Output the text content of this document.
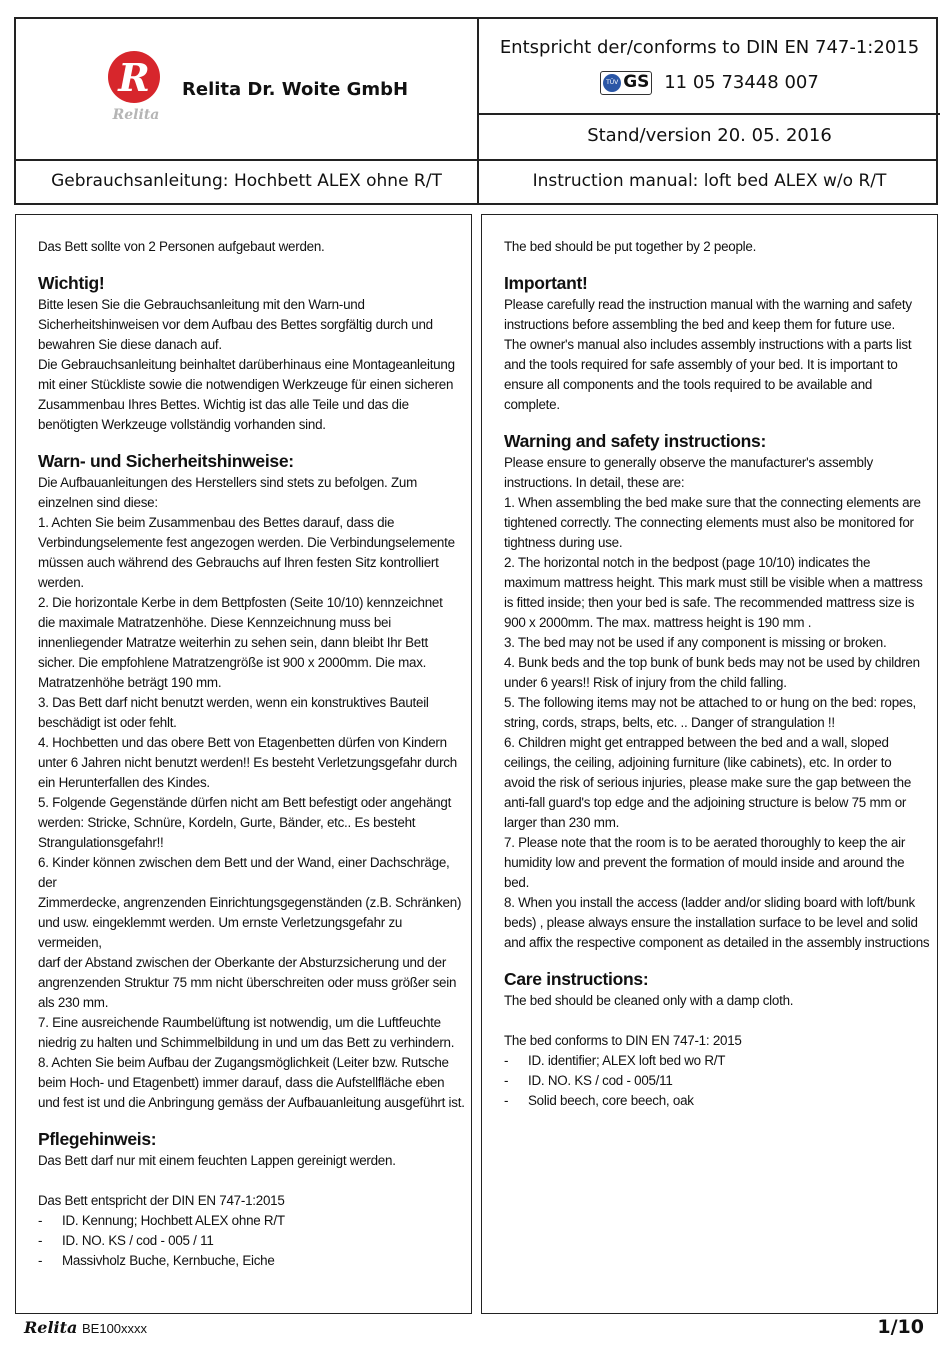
R
Relita
Relita Dr. Woite GmbH
Entspricht der/conforms to DIN EN 747-1:2015
TÜV GS 11 05 73448 007
Stand/version 20. 05. 2016
Gebrauchsanleitung: Hochbett ALEX ohne R/T	Instruction manual: loft bed ALEX w/o R/T

Das Bett sollte von 2 Personen aufgebaut werden.

Wichtig!

Bitte lesen Sie die Gebrauchsanleitung mit den Warn-und

Sicherheitshinweisen vor dem Aufbau des Bettes sorgfältig durch und

bewahren Sie diese danach auf.

Die Gebrauchsanleitung beinhaltet darüberhinaus eine Montageanleitung

mit einer Stückliste sowie die notwendigen Werkzeuge für einen sicheren

Zusammenbau Ihres Bettes. Wichtig ist das alle Teile und das die

benötigten Werkzeuge vollständig vorhanden sind.

Warn- und Sicherheitshinweise:

Die Aufbauanleitungen des Herstellers sind stets zu befolgen. Zum

einzelnen sind diese:

1. Achten Sie beim Zusammenbau des Bettes darauf, dass die

Verbindungselemente fest angezogen werden. Die Verbindungselemente

müssen auch während des Gebrauchs auf Ihren festen Sitz kontrolliert

werden.

2. Die horizontale Kerbe in dem Bettpfosten (Seite 10/10) kennzeichnet

die maximale Matratzenhöhe. Diese Kennzeichnung muss bei

innenliegender Matratze weiterhin zu sehen sein, dann bleibt Ihr Bett

sicher. Die empfohlene Matratzengröße ist 900 x 2000mm. Die max.

Matratzenhöhe beträgt 190 mm.

3. Das Bett darf nicht benutzt werden, wenn ein konstruktives Bauteil

beschädigt ist oder fehlt.

4. Hochbetten und das obere Bett von Etagenbetten dürfen von Kindern

unter 6 Jahren nicht benutzt werden!! Es besteht Verletzungsgefahr durch

ein Herunterfallen des Kindes.

5. Folgende Gegenstände dürfen nicht am Bett befestigt oder angehängt

werden: Stricke, Schnüre, Kordeln, Gurte, Bänder, etc.. Es besteht

Strangulationsgefahr!!

6. Kinder können zwischen dem Bett und der Wand, einer Dachschräge, der

Zimmerdecke, angrenzenden Einrichtungsgegenständen (z.B. Schränken)

und usw. eingeklemmt werden. Um ernste Verletzungsgefahr zu vermeiden,

darf der Abstand zwischen der Oberkante der Absturzsicherung und der

angrenzenden Struktur 75 mm nicht überschreiten oder muss größer sein

als 230 mm.

7. Eine ausreichende Raumbelüftung ist notwendig, um die Luftfeuchte

niedrig zu halten und Schimmelbildung in und um das Bett zu verhindern.

8. Achten Sie beim Aufbau der Zugangsmöglichkeit (Leiter bzw. Rutsche

beim Hoch- und Etagenbett) immer darauf, dass die Aufstellfläche eben

und fest ist und die Anbringung gemäss der Aufbauanleitung ausgeführt ist.

Pflegehinweis:

Das Bett darf nur mit einem feuchten Lappen gereinigt werden.

Das Bett entspricht der DIN EN 747-1:2015

-	ID. Kennung; Hochbett ALEX ohne R/T
-	ID. NO. KS / cod - 005 / 11
-	Massivholz Buche, Kernbuche, Eiche

The bed should be put together by 2 people.

Important!

Please carefully read the instruction manual with the warning and safety

instructions before assembling the bed and keep them for future use.

The owner's manual also includes assembly instructions with a parts list

and the tools required for safe assembly of your bed. It is important to

ensure all components and the tools required to be available and

complete.

Warning and safety instructions:

Please ensure to generally observe the manufacturer's assembly

instructions. In detail, these are:

1. When assembling the bed make sure that the connecting elements are

tightened correctly. The connecting elements must also be monitored for

tightness during use.

2. The horizontal notch in the bedpost (page 10/10) indicates the

maximum mattress height. This mark must still be visible when a mattress

is fitted inside; then your bed is safe. The recommended mattress size is

900 x 2000mm. The max. mattress height is 190 mm .

3. The bed may not be used if any component is missing or broken.

4. Bunk beds and the top bunk of bunk beds may not be used by children

under 6 years!! Risk of injury from the child falling.

5. The following items may not be attached to or hung on the bed: ropes,

string, cords, straps, belts, etc. .. Danger of strangulation !!

6. Children might get entrapped between the bed and a wall, sloped

ceilings, the ceiling, adjoining furniture (like cabinets), etc. In order to

avoid the risk of serious injuries, please make sure the gap between the

anti-fall guard's top edge and the adjoining structure is below 75 mm or

larger than 230 mm.

7. Please note that the room is to be aerated thoroughly to keep the air

humidity low and prevent the formation of mould inside and around the

bed.

8. When you install the access (ladder and/or sliding board with loft/bunk

beds) , please always ensure the installation surface to be level and solid

and affix the respective component as detailed in the assembly instructions

Care instructions:

The bed should be cleaned only with a damp cloth.

The bed conforms to DIN EN 747-1: 2015

-	ID. identifier; ALEX loft bed wo R/T
-	ID. NO. KS / cod - 005/11
-	Solid beech, core beech, oak
Relita BE100xxxx	1/10
